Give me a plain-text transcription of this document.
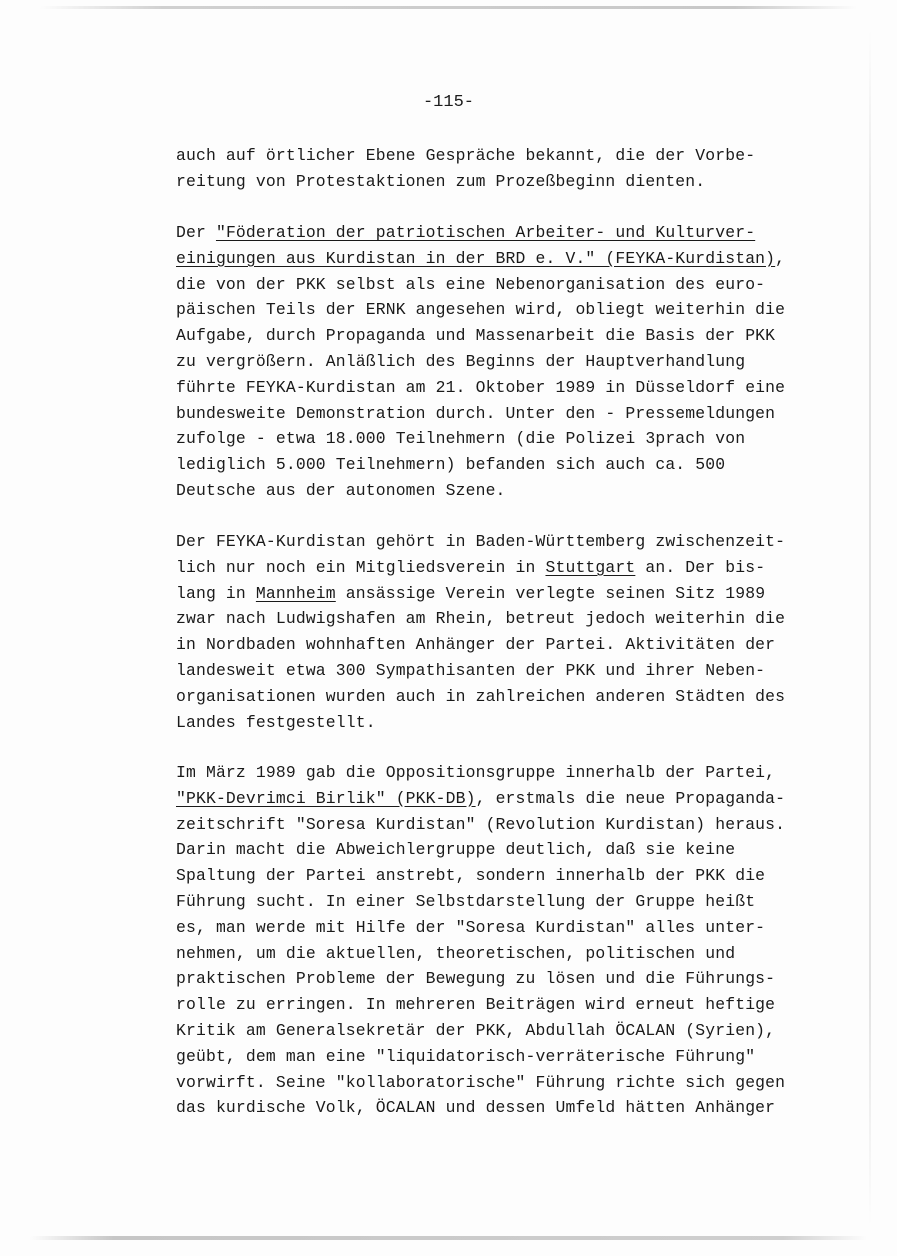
-115-
auch auf örtlicher Ebene Gespräche bekannt, die der Vorbe-
reitung von Protestaktionen zum Prozeßbeginn dienten.
Der "Föderation der patriotischen Arbeiter- und Kulturver-
einigungen aus Kurdistan in der BRD e. V." (FEYKA-Kurdistan),
die von der PKK selbst als eine Nebenorganisation des euro-
päischen Teils der ERNK angesehen wird, obliegt weiterhin die
Aufgabe, durch Propaganda und Massenarbeit die Basis der PKK
zu vergrößern. Anläßlich des Beginns der Hauptverhandlung
führte FEYKA-Kurdistan am 21. Oktober 1989 in Düsseldorf eine
bundesweite Demonstration durch. Unter den - Pressemeldungen
zufolge - etwa 18.000 Teilnehmern (die Polizei 3prach von
lediglich 5.000 Teilnehmern) befanden sich auch ca. 500
Deutsche aus der autonomen Szene.
Der FEYKA-Kurdistan gehört in Baden-Württemberg zwischenzeit-
lich nur noch ein Mitgliedsverein in Stuttgart an. Der bis-
lang in Mannheim ansässige Verein verlegte seinen Sitz 1989
zwar nach Ludwigshafen am Rhein, betreut jedoch weiterhin die
in Nordbaden wohnhaften Anhänger der Partei. Aktivitäten der
landesweit etwa 300 Sympathisanten der PKK und ihrer Neben-
organisationen wurden auch in zahlreichen anderen Städten des
Landes festgestellt.
Im März 1989 gab die Oppositionsgruppe innerhalb der Partei,
"PKK-Devrimci Birlik" (PKK-DB), erstmals die neue Propaganda-
zeitschrift "Soresa Kurdistan" (Revolution Kurdistan) heraus.
Darin macht die Abweichlergruppe deutlich, daß sie keine
Spaltung der Partei anstrebt, sondern innerhalb der PKK die
Führung sucht. In einer Selbstdarstellung der Gruppe heißt
es, man werde mit Hilfe der "Soresa Kurdistan" alles unter-
nehmen, um die aktuellen, theoretischen, politischen und
praktischen Probleme der Bewegung zu lösen und die Führungs-
rolle zu erringen. In mehreren Beiträgen wird erneut heftige
Kritik am Generalsekretär der PKK, Abdullah ÖCALAN (Syrien),
geübt, dem man eine "liquidatorisch-verräterische Führung"
vorwirft. Seine "kollaboratorische" Führung richte sich gegen
das kurdische Volk, ÖCALAN und dessen Umfeld hätten Anhänger
